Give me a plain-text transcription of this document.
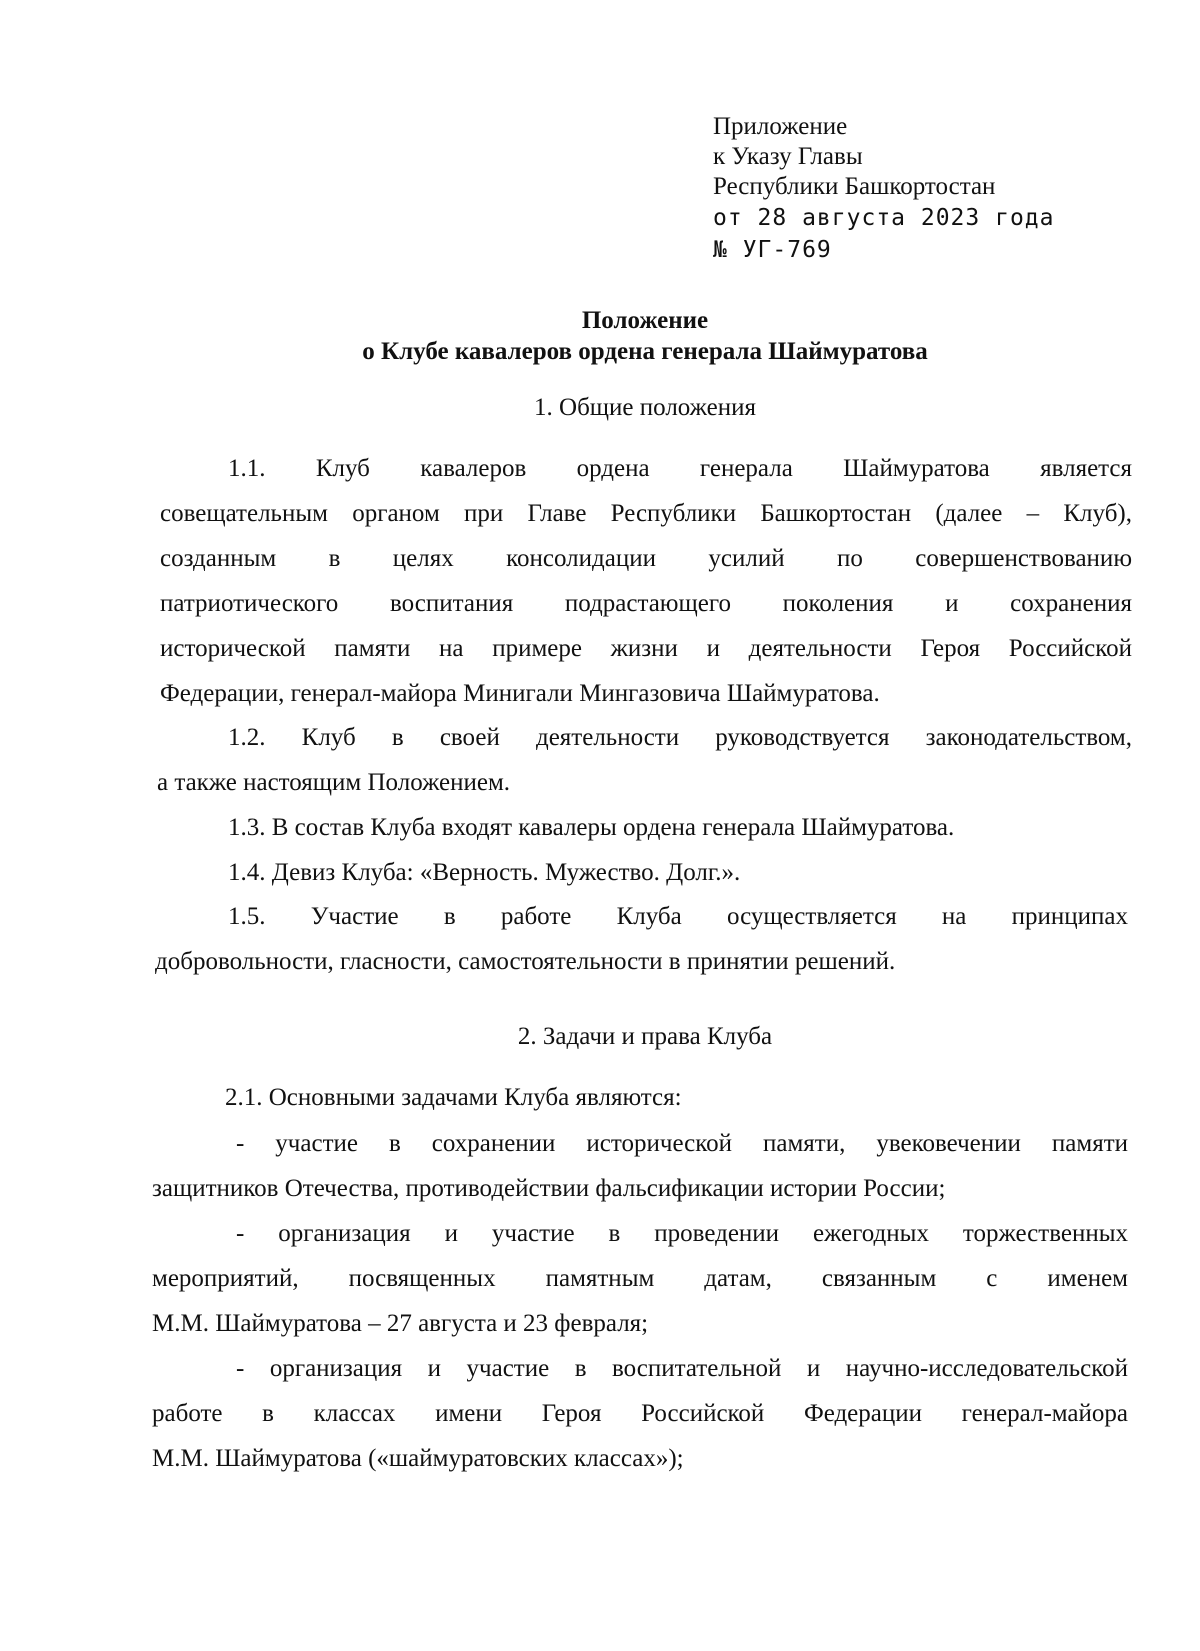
Приложение
к Указу Главы
Республики Башкортостан
от 28 августа 2023 года
№ УГ-769
Положение
о Клубе кавалеров ордена генерала Шаймуратова
1. Общие положения
1.1. Клуб кавалеров ордена генерала Шаймуратова является
совещательным органом при Главе Республики Башкортостан (далее – Клуб),
созданным в целях консолидации усилий по совершенствованию
патриотического воспитания подрастающего поколения и сохранения
исторической памяти на примере жизни и деятельности Героя Российской
Федерации, генерал-майора Минигали Мингазовича Шаймуратова.
1.2. Клуб в своей деятельности руководствуется законодательством,
а также настоящим Положением.
1.3. В состав Клуба входят кавалеры ордена генерала Шаймуратова.
1.4. Девиз Клуба: «Верность. Мужество. Долг.».
1.5. Участие в работе Клуба осуществляется на принципах
добровольности, гласности, самостоятельности в принятии решений.
2. Задачи и права Клуба
2.1. Основными задачами Клуба являются:
- участие в сохранении исторической памяти, увековечении памяти
защитников Отечества, противодействии фальсификации истории России;
- организация и участие в проведении ежегодных торжественных
мероприятий, посвященных памятным датам, связанным с именем
М.М. Шаймуратова – 27 августа и 23 февраля;
- организация и участие в воспитательной и научно-исследовательской
работе в классах имени Героя Российской Федерации генерал-майора
М.М. Шаймуратова («шаймуратовских классах»);
